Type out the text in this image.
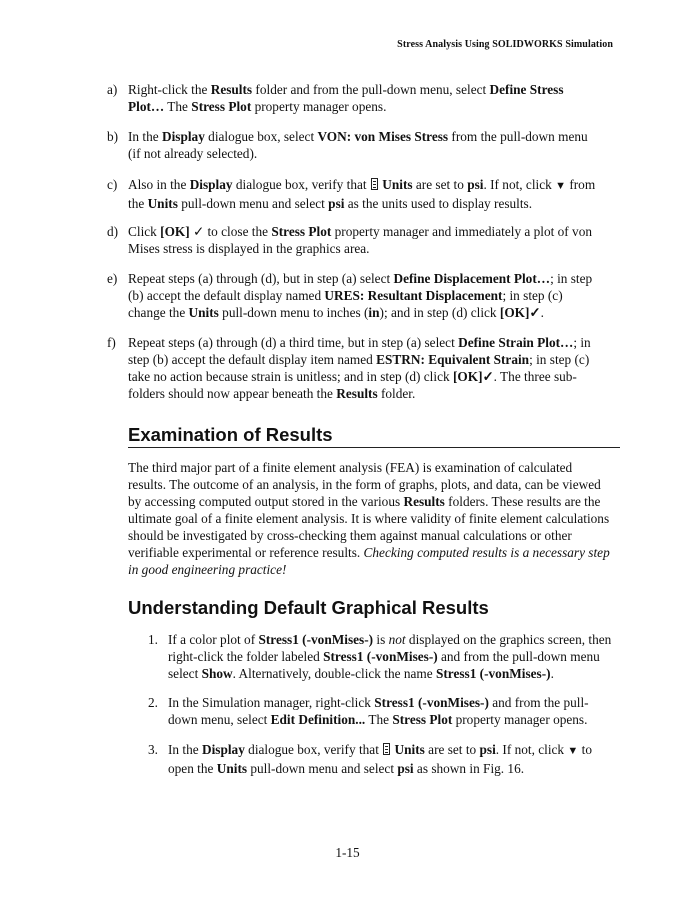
Stress Analysis Using SOLIDWORKS Simulation
a) Right-click the Results folder and from the pull-down menu, select Define Stress Plot… The Stress Plot property manager opens.
b) In the Display dialogue box, select VON: von Mises Stress from the pull-down menu (if not already selected).
c) Also in the Display dialogue box, verify that  Units are set to psi. If not, click ▼ from the Units pull-down menu and select psi as the units used to display results.
d) Click [OK] ✓ to close the Stress Plot property manager and immediately a plot of von Mises stress is displayed in the graphics area.
e) Repeat steps (a) through (d), but in step (a) select Define Displacement Plot…; in step (b) accept the default display named URES: Resultant Displacement; in step (c) change the Units pull-down menu to inches (in); and in step (d) click [OK]✓.
f) Repeat steps (a) through (d) a third time, but in step (a) select Define Strain Plot…; in step (b) accept the default display item named ESTRN: Equivalent Strain; in step (c) take no action because strain is unitless; and in step (d) click [OK]✓. The three sub-folders should now appear beneath the Results folder.
Examination of Results
The third major part of a finite element analysis (FEA) is examination of calculated results. The outcome of an analysis, in the form of graphs, plots, and data, can be viewed by accessing computed output stored in the various Results folders. These results are the ultimate goal of a finite element analysis. It is where validity of finite element calculations should be investigated by cross-checking them against manual calculations or other verifiable experimental or reference results. Checking computed results is a necessary step in good engineering practice!
Understanding Default Graphical Results
1. If a color plot of Stress1 (-vonMises-) is not displayed on the graphics screen, then right-click the folder labeled Stress1 (-vonMises-) and from the pull-down menu select Show. Alternatively, double-click the name Stress1 (-vonMises-).
2. In the Simulation manager, right-click Stress1 (-vonMises-) and from the pull-down menu, select Edit Definition... The Stress Plot property manager opens.
3. In the Display dialogue box, verify that  Units are set to psi. If not, click ▼ to open the Units pull-down menu and select psi as shown in Fig. 16.
1-15
